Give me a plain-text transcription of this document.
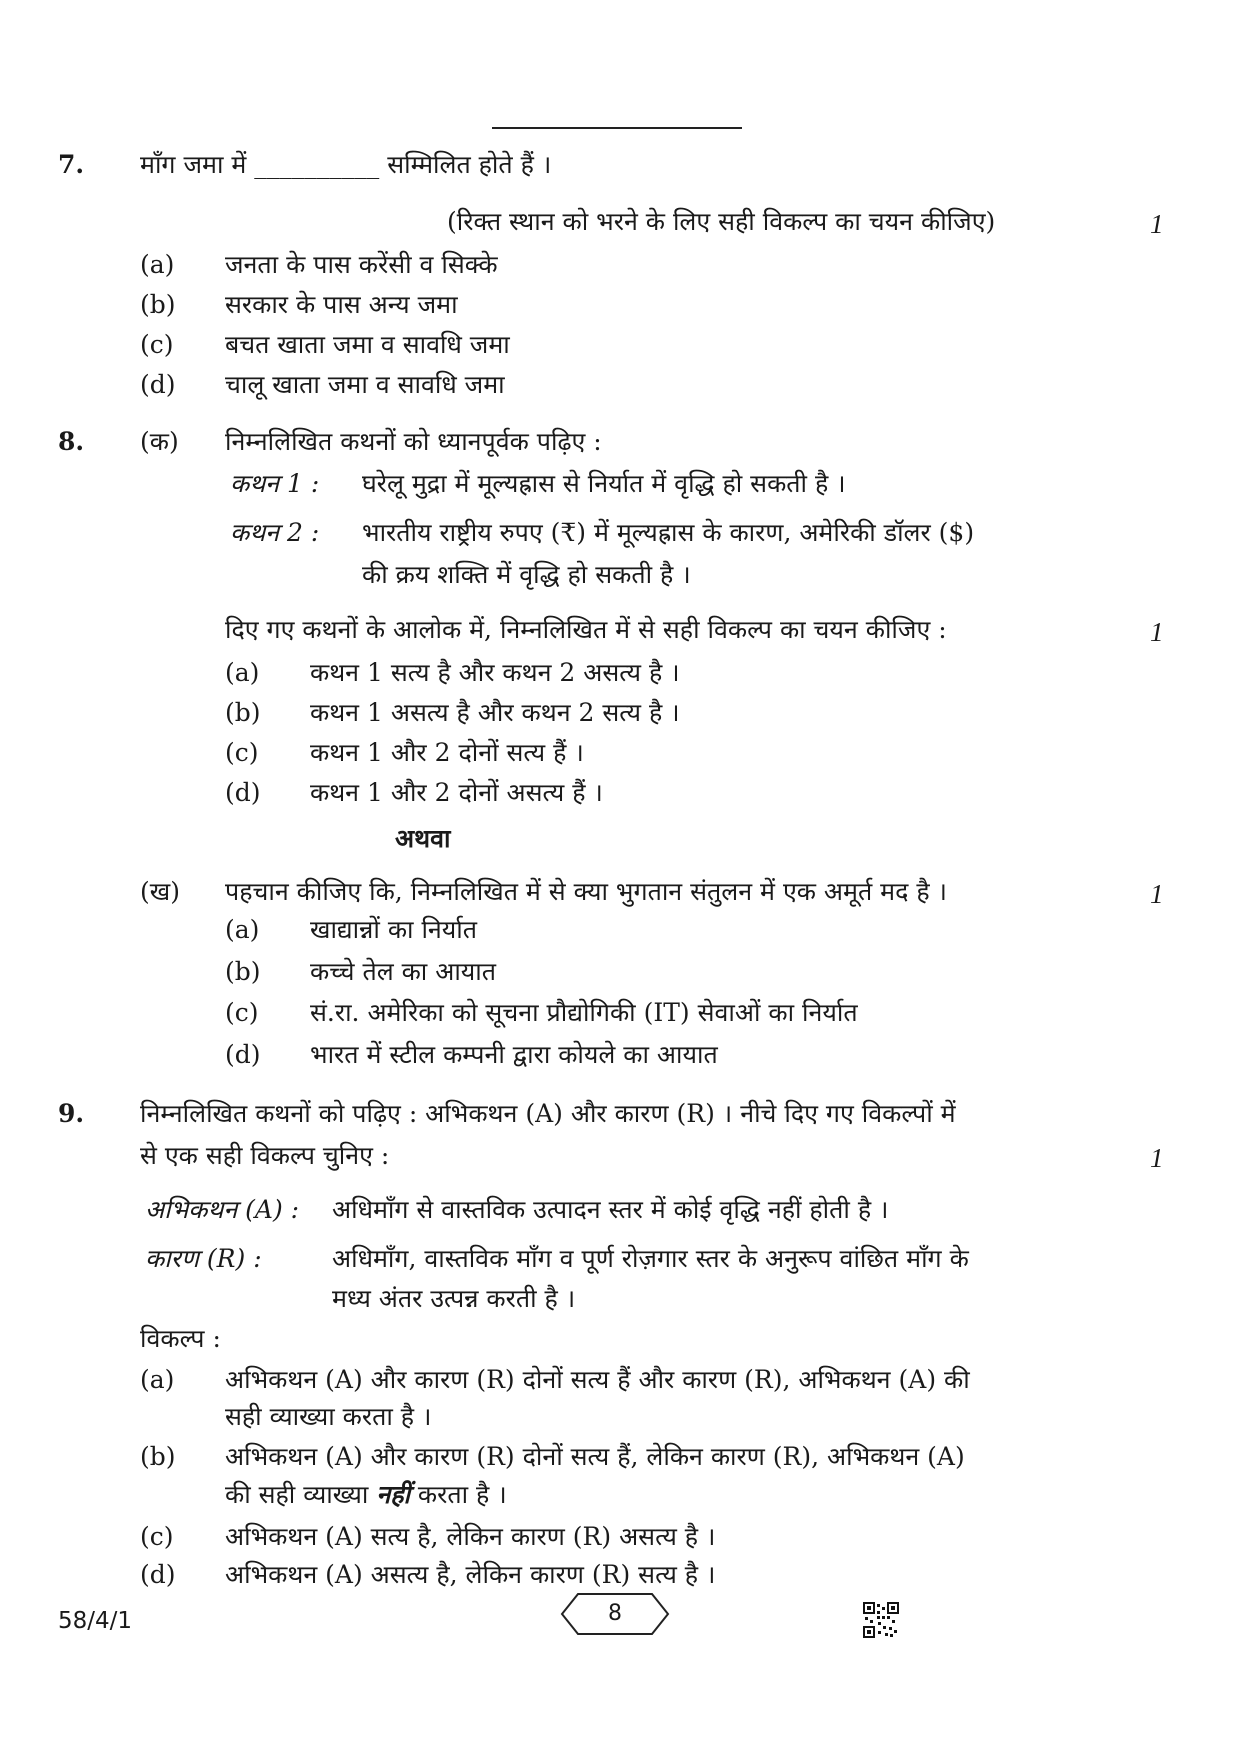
7. माँग जमा में __________ सम्मिलित होते हैं ।
(रिक्त स्थान को भरने के लिए सही विकल्प का चयन कीजिए)	1
(a) जनता के पास करेंसी व सिक्के
(b) सरकार के पास अन्य जमा
(c) बचत खाता जमा व सावधि जमा
(d) चालू खाता जमा व सावधि जमा
8. (क) निम्नलिखित कथनों को ध्यानपूर्वक पढ़िए :
कथन 1 : घरेलू मुद्रा में मूल्यह्रास से निर्यात में वृद्धि हो सकती है ।
कथन 2 : भारतीय राष्ट्रीय रुपए (₹) में मूल्यह्रास के कारण, अमेरिकी डॉलर ($)
की क्रय शक्ति में वृद्धि हो सकती है ।
दिए गए कथनों के आलोक में, निम्नलिखित में से सही विकल्प का चयन कीजिए :	1
(a) कथन 1 सत्य है और कथन 2 असत्य है ।
(b) कथन 1 असत्य है और कथन 2 सत्य है ।
(c) कथन 1 और 2 दोनों सत्य हैं ।
(d) कथन 1 और 2 दोनों असत्य हैं ।
अथवा
(ख) पहचान कीजिए कि, निम्नलिखित में से क्या भुगतान संतुलन में एक अमूर्त मद है ।	1
(a) खाद्यान्नों का निर्यात
(b) कच्चे तेल का आयात
(c) सं.रा. अमेरिका को सूचना प्रौद्योगिकी (IT) सेवाओं का निर्यात
(d) भारत में स्टील कम्पनी द्वारा कोयले का आयात
9. निम्नलिखित कथनों को पढ़िए : अभिकथन (A) और कारण (R) । नीचे दिए गए विकल्पों में
से एक सही विकल्प चुनिए :	1
अभिकथन (A) : अधिमाँग से वास्तविक उत्पादन स्तर में कोई वृद्धि नहीं होती है ।
कारण (R) :	अधिमाँग, वास्तविक माँग व पूर्ण रोज़गार स्तर के अनुरूप वांछित माँग के
मध्य अंतर उत्पन्न करती है ।
विकल्प :
(a) अभिकथन (A) और कारण (R) दोनों सत्य हैं और कारण (R), अभिकथन (A) की
सही व्याख्या करता है ।
(b) अभिकथन (A) और कारण (R) दोनों सत्य हैं, लेकिन कारण (R), अभिकथन (A)
की सही व्याख्या नहीं करता है ।
(c) अभिकथन (A) सत्य है, लेकिन कारण (R) असत्य है ।
(d) अभिकथन (A) असत्य है, लेकिन कारण (R) सत्य है ।
58/4/1	8
